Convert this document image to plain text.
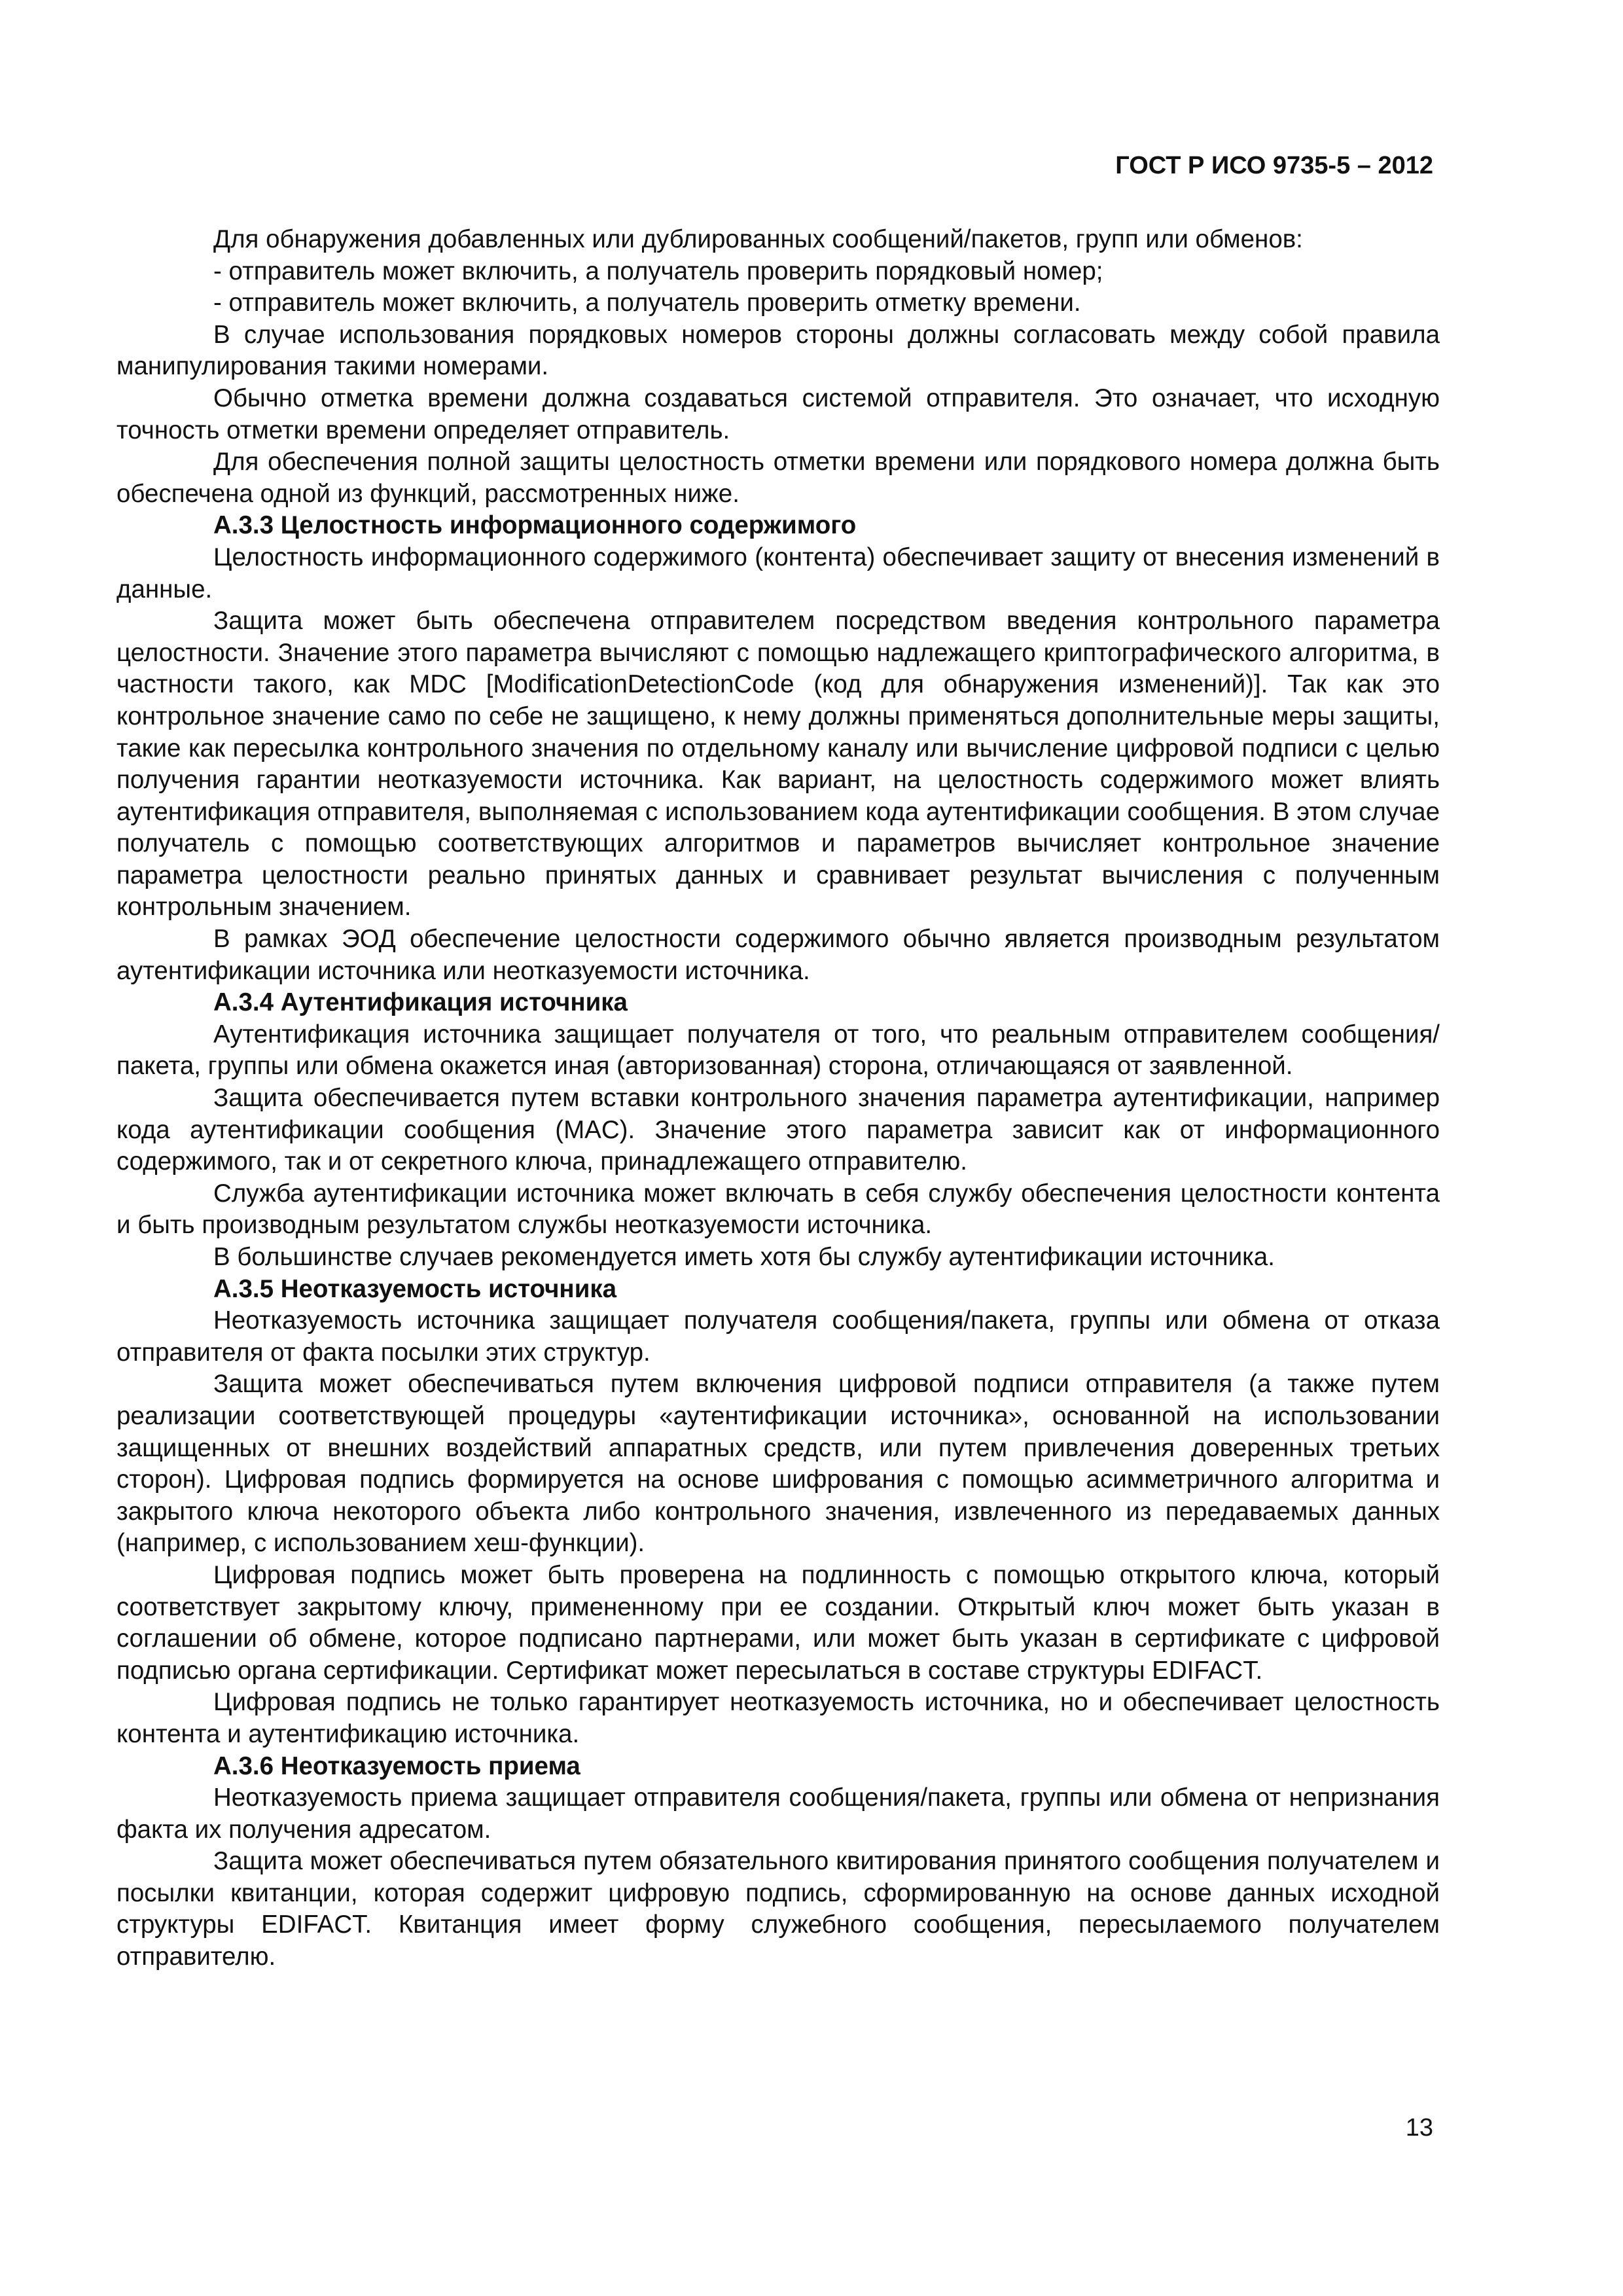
ГОСТ Р ИСО 9735-5 – 2012

Для обнаружения добавленных или дублированных сообщений/пакетов, групп или обменов:

- отправитель может включить, а получатель проверить порядковый номер;

- отправитель может включить, а получатель проверить отметку времени.

В случае использования порядковых номеров стороны должны согласовать между собой правила манипулирования такими номерами.

Обычно отметка времени должна создаваться системой отправителя. Это означает, что исходную точность отметки времени определяет отправитель.

Для обеспечения полной защиты целостность отметки времени или порядкового номера должна быть обеспечена одной из функций, рассмотренных ниже.

А.3.3 Целостность информационного содержимого

Целостность информационного содержимого (контента) обеспечивает защиту от внесения изменений в данные.

Защита может быть обеспечена отправителем посредством введения контрольного параметра целостности. Значение этого параметра вычисляют с помощью надлежащего криптографического алгоритма, в частности такого, как MDC [ModificationDetectionCode (код для обнаружения изменений)]. Так как это контрольное значение само по себе не защищено, к нему должны применяться дополнительные меры защиты, такие как пересылка контрольного значения по отдельному каналу или вычисление цифровой подписи с целью получения гарантии неотказуемости источника. Как вариант, на целостность содержимого может влиять аутентификация отправителя, выполняемая с использованием кода аутентификации сообщения. В этом случае получатель с помощью соответствующих алгоритмов и параметров вычисляет контрольное значение параметра целостности реально принятых данных и сравнивает результат вычисления с полученным контрольным значением.

В рамках ЭОД обеспечение целостности содержимого обычно является производным результатом аутентификации источника или неотказуемости источника.

А.3.4 Аутентификация источника

Аутентификация источника защищает получателя от того, что реальным отправителем сообщения/пакета, группы или обмена окажется иная (авторизованная) сторона, отличающаяся от заявленной.

Защита обеспечивается путем вставки контрольного значения параметра аутентификации, например кода аутентификации сообщения (MAC). Значение этого параметра зависит как от информационного содержимого, так и от секретного ключа, принадлежащего отправителю.

Служба аутентификации источника может включать в себя службу обеспечения целостности контента и быть производным результатом службы неотказуемости источника.

В большинстве случаев рекомендуется иметь хотя бы службу аутентификации источника.

А.3.5 Неотказуемость источника

Неотказуемость источника защищает получателя сообщения/пакета, группы или обмена от отказа отправителя от факта посылки этих структур.

Защита может обеспечиваться путем включения цифровой подписи отправителя (а также путем реализации соответствующей процедуры «аутентификации источника», основанной на использовании защищенных от внешних воздействий аппаратных средств, или путем привлечения доверенных третьих сторон). Цифровая подпись формируется на основе шифрования с помощью асимметричного алгоритма и закрытого ключа некоторого объекта либо контрольного значения, извлеченного из передаваемых данных (например, с использованием хеш-функции).

Цифровая подпись может быть проверена на подлинность с помощью открытого ключа, который соответствует закрытому ключу, примененному при ее создании. Открытый ключ может быть указан в соглашении об обмене, которое подписано партнерами, или может быть указан в сертификате с цифровой подписью органа сертификации. Сертификат может пересылаться в составе структуры EDIFACT.

Цифровая подпись не только гарантирует неотказуемость источника, но и обеспечивает целостность контента и аутентификацию источника.

А.3.6 Неотказуемость приема

Неотказуемость приема защищает отправителя сообщения/пакета, группы или обмена от непризнания факта их получения адресатом.

Защита может обеспечиваться путем обязательного квитирования принятого сообщения получателем и посылки квитанции, которая содержит цифровую подпись, сформированную на основе данных исходной структуры EDIFACT. Квитанция имеет форму служебного сообщения, пересылаемого получателем отправителю.

13
